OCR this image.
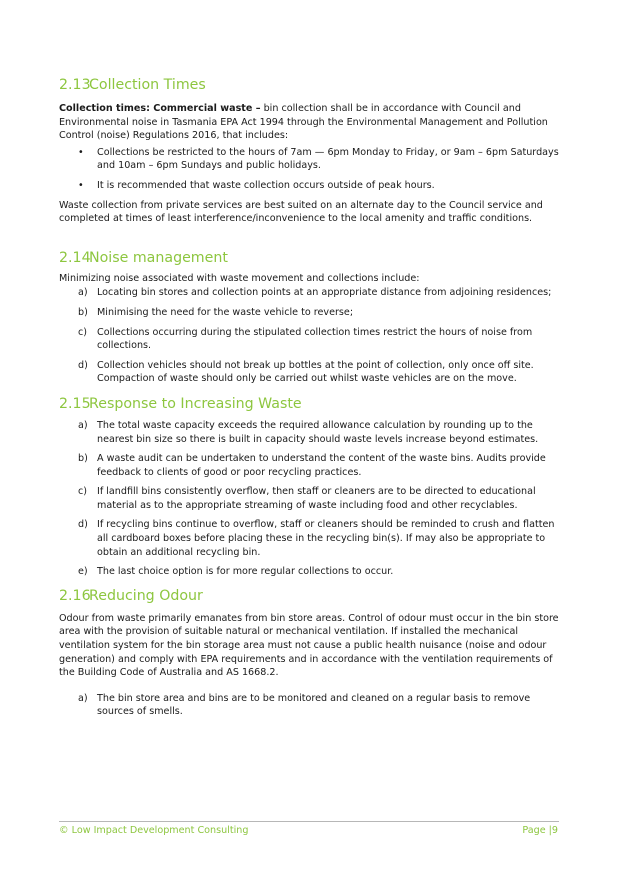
2.13Collection Times

Collection times: Commercial waste – bin collection shall be in accordance with Council and Environmental noise in Tasmania EPA Act 1994 through the Environmental Management and Pollution Control (noise) Regulations 2016, that includes:

• Collections be restricted to the hours of 7am — 6pm Monday to Friday, or 9am – 6pm Saturdays and 10am – 6pm Sundays and public holidays.
• It is recommended that waste collection occurs outside of peak hours.

Waste collection from private services are best suited on an alternate day to the Council service and completed at times of least interference/inconvenience to the local amenity and traffic conditions.

2.14Noise management

Minimizing noise associated with waste movement and collections include:

a) Locating bin stores and collection points at an appropriate distance from adjoining residences;
b) Minimising the need for the waste vehicle to reverse;
c) Collections occurring during the stipulated collection times restrict the hours of noise from collections.
d) Collection vehicles should not break up bottles at the point of collection, only once off site. Compaction of waste should only be carried out whilst waste vehicles are on the move.
2.15Response to Increasing Waste
a) The total waste capacity exceeds the required allowance calculation by rounding up to the nearest bin size so there is built in capacity should waste levels increase beyond estimates.
b) A waste audit can be undertaken to understand the content of the waste bins. Audits provide feedback to clients of good or poor recycling practices.
c) If landfill bins consistently overflow, then staff or cleaners are to be directed to educational material as to the appropriate streaming of waste including food and other recyclables.
d) If recycling bins continue to overflow, staff or cleaners should be reminded to crush and flatten all cardboard boxes before placing these in the recycling bin(s). If may also be appropriate to obtain an additional recycling bin.
e) The last choice option is for more regular collections to occur.
2.16Reducing Odour

Odour from waste primarily emanates from bin store areas. Control of odour must occur in the bin store area with the provision of suitable natural or mechanical ventilation. If installed the mechanical ventilation system for the bin storage area must not cause a public health nuisance (noise and odour generation) and comply with EPA requirements and in accordance with the ventilation requirements of the Building Code of Australia and AS 1668.2.

a) The bin store area and bins are to be monitored and cleaned on a regular basis to remove sources of smells.
© Low Impact Development Consulting	Page |9
